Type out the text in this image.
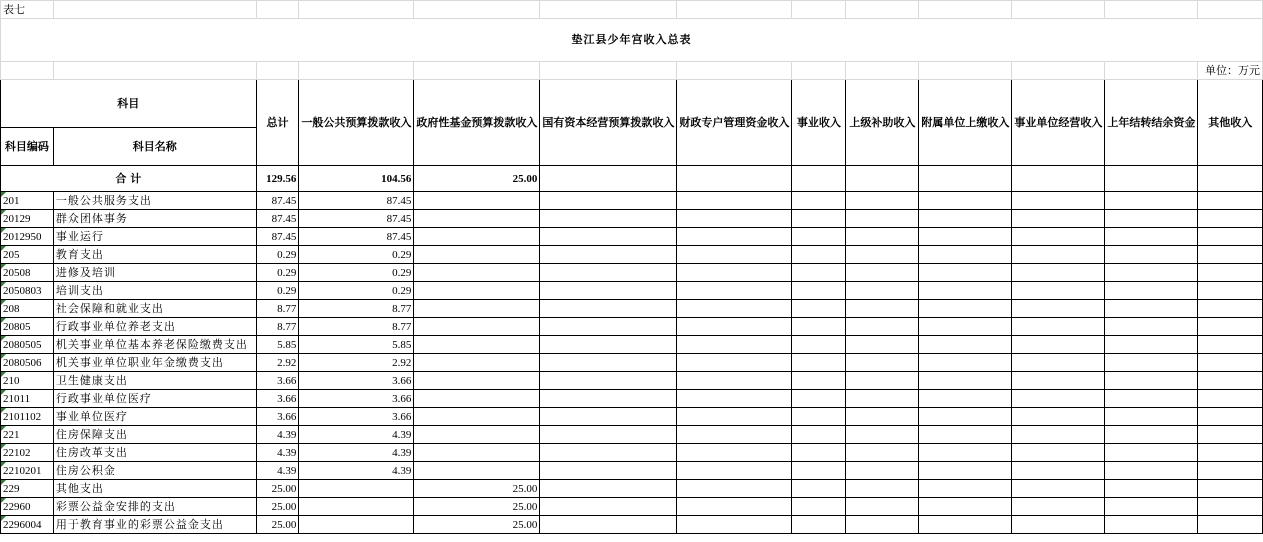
表七												
垫江县少年宫收入总表												
												单位：万元
科目		总计	一般公共预算拨款收入	政府性基金预算拨款收入	国有资本经营预算拨款收入	财政专户管理资金收入	事业收入	上级补助收入	附属单位上缴收入	事业单位经营收入	上年结转结余资金	其他收入
科目编码	科目名称											
合 计		129.56	104.56	25.00								
201	一般公共服务支出	87.45	87.45									
20129	群众团体事务	87.45	87.45									
2012950	事业运行	87.45	87.45									
205	教育支出	0.29	0.29									
20508	进修及培训	0.29	0.29									
2050803	培训支出	0.29	0.29									
208	社会保障和就业支出	8.77	8.77									
20805	行政事业单位养老支出	8.77	8.77									
2080505	机关事业单位基本养老保险缴费支出	5.85	5.85									
2080506	机关事业单位职业年金缴费支出	2.92	2.92									
210	卫生健康支出	3.66	3.66									
21011	行政事业单位医疗	3.66	3.66									
2101102	事业单位医疗	3.66	3.66									
221	住房保障支出	4.39	4.39									
22102	住房改革支出	4.39	4.39									
2210201	住房公积金	4.39	4.39									
229	其他支出	25.00		25.00								
22960	彩票公益金安排的支出	25.00		25.00								
2296004	用于教育事业的彩票公益金支出	25.00		25.00								
